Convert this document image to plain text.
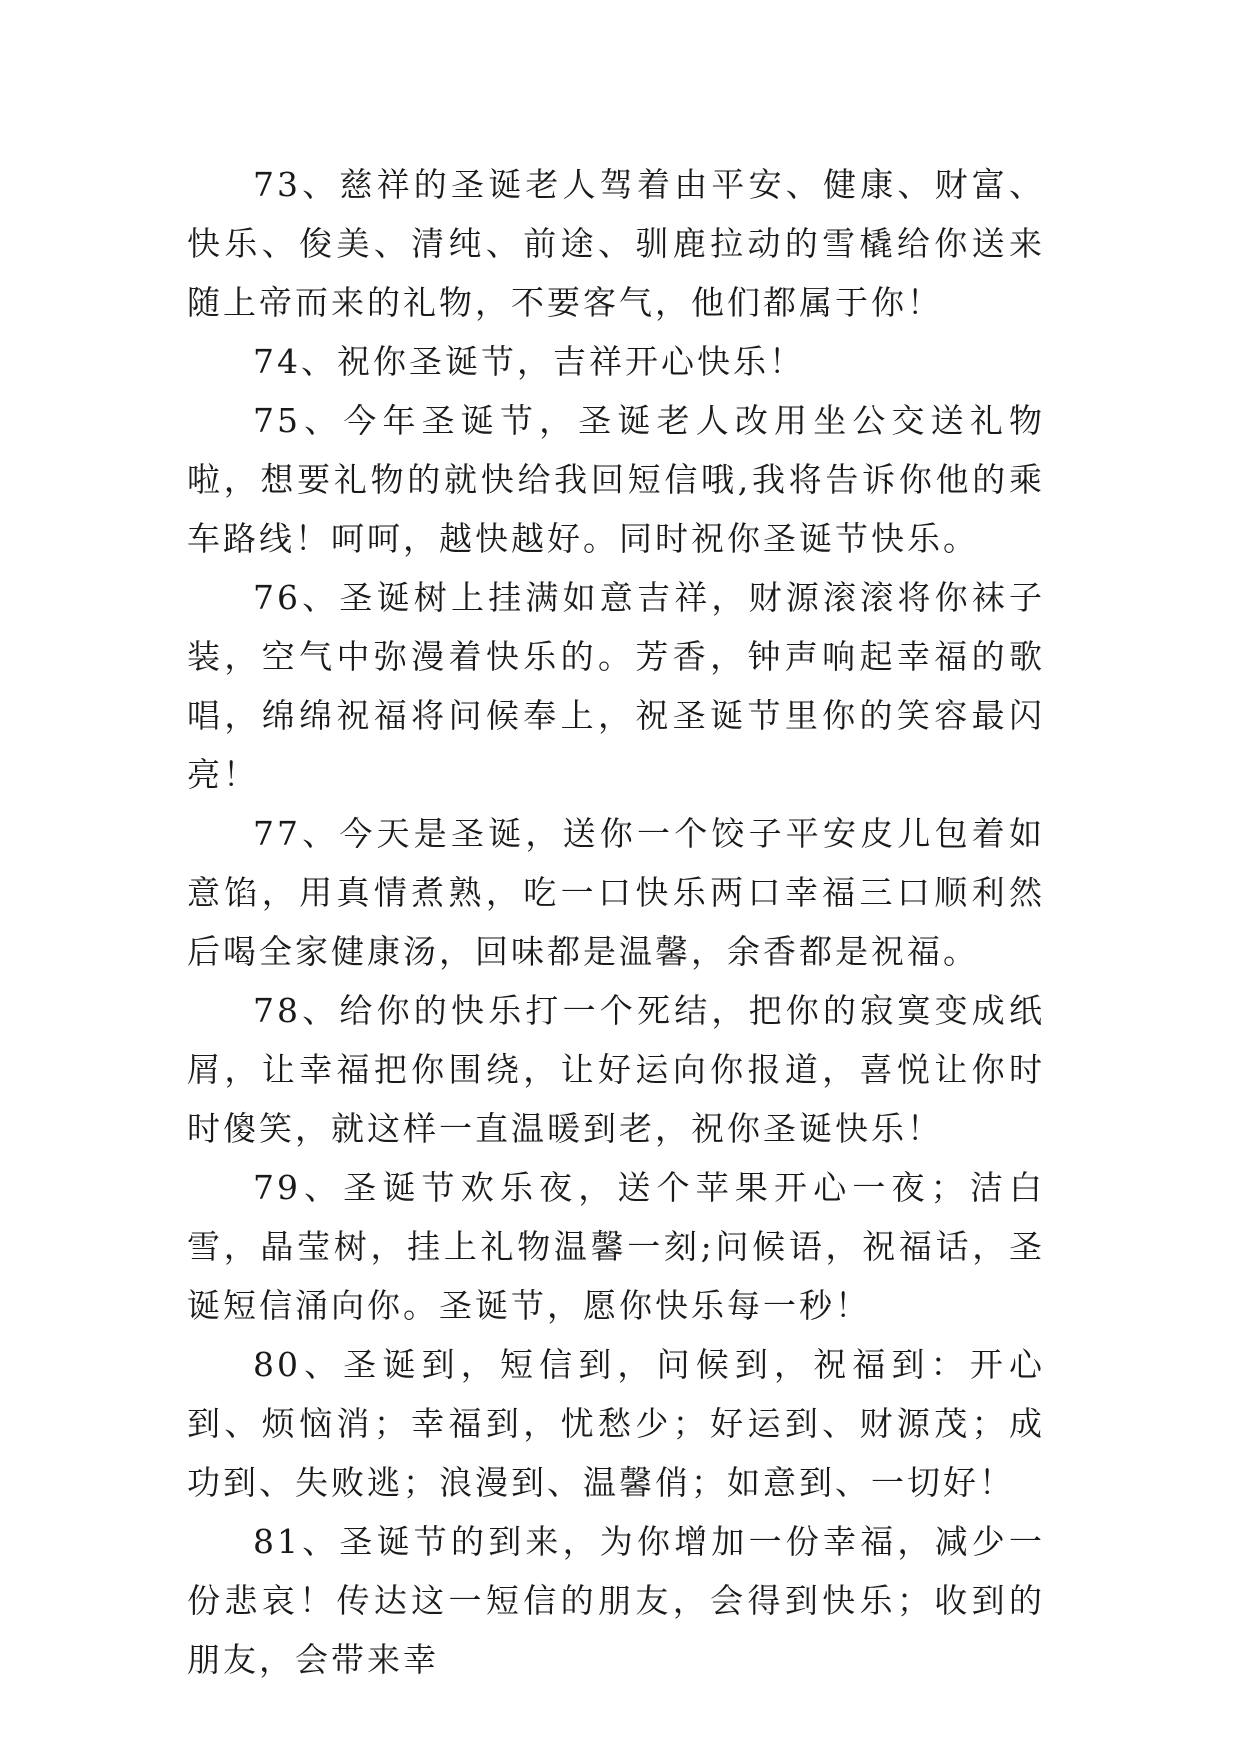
73、慈祥的圣诞老人驾着由平安、健康、财富、快乐、俊美、清纯、前途、驯鹿拉动的雪橇给你送来随上帝而来的礼物，不要客气，他们都属于你！

74、祝你圣诞节，吉祥开心快乐！

75、今年圣诞节，圣诞老人改用坐公交送礼物啦，想要礼物的就快给我回短信哦,我将告诉你他的乘车路线！呵呵，越快越好。同时祝你圣诞节快乐。

76、圣诞树上挂满如意吉祥，财源滚滚将你袜子装，空气中弥漫着快乐的。芳香，钟声响起幸福的歌唱，绵绵祝福将问候奉上，祝圣诞节里你的笑容最闪亮！

77、今天是圣诞，送你一个饺子平安皮儿包着如意馅，用真情煮熟，吃一口快乐两口幸福三口顺利然后喝全家健康汤，回味都是温馨，余香都是祝福。

78、给你的快乐打一个死结，把你的寂寞变成纸屑，让幸福把你围绕，让好运向你报道，喜悦让你时时傻笑，就这样一直温暖到老，祝你圣诞快乐！

79、圣诞节欢乐夜，送个苹果开心一夜；洁白雪，晶莹树，挂上礼物温馨一刻;问候语，祝福话，圣诞短信涌向你。圣诞节，愿你快乐每一秒！

80、圣诞到，短信到，问候到，祝福到：开心到、烦恼消；幸福到，忧愁少；好运到、财源茂；成功到、失败逃；浪漫到、温馨俏；如意到、一切好！

81、圣诞节的到来，为你增加一份幸福，减少一份悲哀！传达这一短信的朋友，会得到快乐；收到的朋友，会带来幸
